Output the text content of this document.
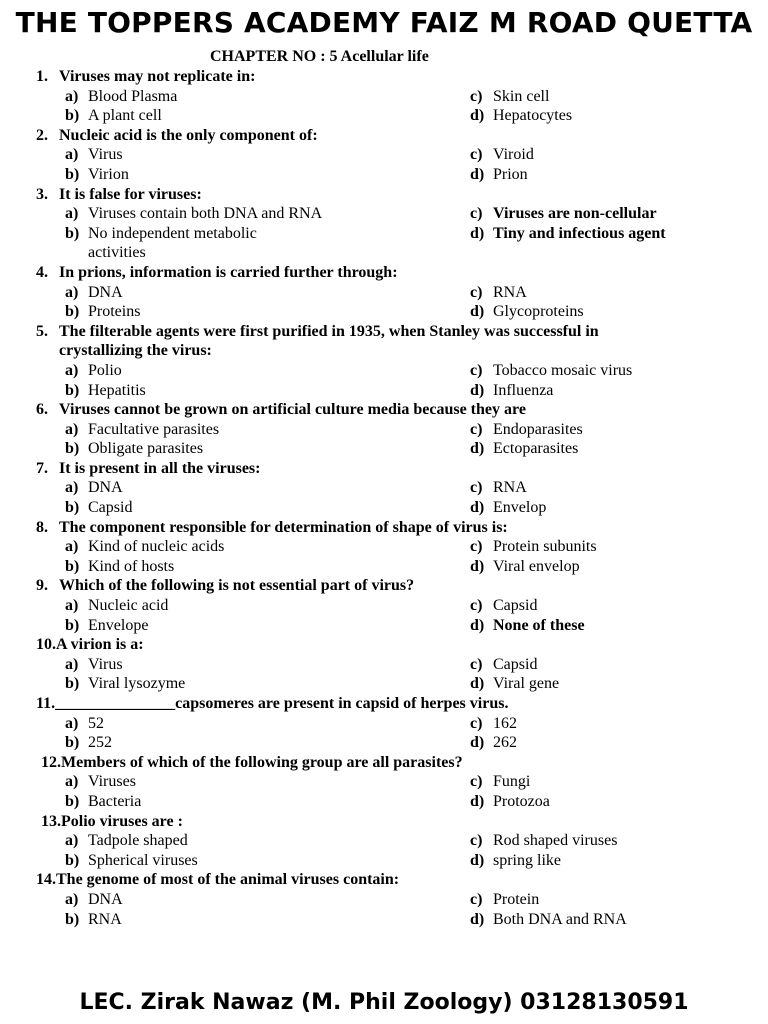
THE TOPPERS ACADEMY FAIZ M ROAD QUETTA
CHAPTER NO : 5 Acellular life
1. Viruses may not replicate in:
a) Blood Plasma	c) Skin cell
b) A plant cell	d) Hepatocytes
2. Nucleic acid is the only component of:
a) Virus	c) Viroid
b) Virion	d) Prion
3. It is false for viruses:
a) Viruses contain both DNA and RNA	c) Viruses are non-cellular
b) No independent metabolic	d) Tiny and infectious agent
activities
4. In prions, information is carried further through:
a) DNA	c) RNA
b) Proteins	d) Glycoproteins
5. The filterable agents were first purified in 1935, when Stanley was successful in
crystallizing the virus:
a) Polio	c) Tobacco mosaic virus
b) Hepatitis	d) Influenza
6. Viruses cannot be grown on artificial culture media because they are
a) Facultative parasites	c) Endoparasites
b) Obligate parasites	d) Ectoparasites
7. It is present in all the viruses:
a) DNA	c) RNA
b) Capsid	d) Envelop
8. The component responsible for determination of shape of virus is:
a) Kind of nucleic acids	c) Protein subunits
b) Kind of hosts	d) Viral envelop
9. Which of the following is not essential part of virus?
a) Nucleic acid	c) Capsid
b) Envelope	d) None of these
10.A virion is a:
a) Virus	c) Capsid
b) Viral lysozyme	d) Viral gene
11._______________capsomeres are present in capsid of herpes virus.
a) 52	c) 162
b) 252	d) 262
12.Members of which of the following group are all parasites?
a) Viruses	c) Fungi
b) Bacteria	d) Protozoa
13.Polio viruses are :
a) Tadpole shaped	c) Rod shaped viruses
b) Spherical viruses	d) spring like
14.The genome of most of the animal viruses contain:
a) DNA	c) Protein
b) RNA	d) Both DNA and RNA
LEC. Zirak Nawaz (M. Phil Zoology) 03128130591
